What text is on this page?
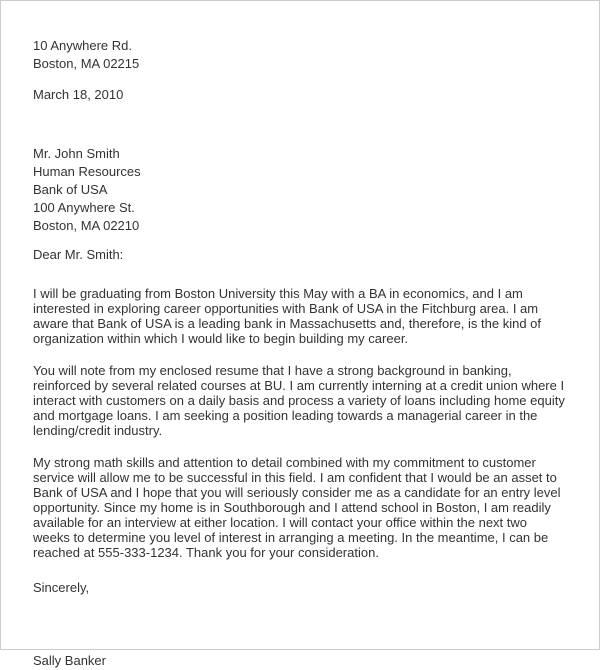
10 Anywhere Rd.
Boston, MA 02215
March 18, 2010
Mr. John Smith
Human Resources
Bank of USA
100 Anywhere St.
Boston, MA 02210
Dear Mr. Smith:

I will be graduating from Boston University this May with a BA in economics, and I am interested in exploring career opportunities with Bank of USA in the Fitchburg area. I am aware that Bank of USA is a leading bank in Massachusetts and, therefore, is the kind of organization within which I would like to begin building my career.

You will note from my enclosed resume that I have a strong background in banking, reinforced by several related courses at BU. I am currently interning at a credit union where I interact with customers on a daily basis and process a variety of loans including home equity and mortgage loans. I am seeking a position leading towards a managerial career in the lending/credit industry.

My strong math skills and attention to detail combined with my commitment to customer service will allow me to be successful in this field. I am confident that I would be an asset to Bank of USA and I hope that you will seriously consider me as a candidate for an entry level opportunity. Since my home is in Southborough and I attend school in Boston, I am readily available for an interview at either location. I will contact your office within the next two weeks to determine you level of interest in arranging a meeting. In the meantime, I can be reached at 555-333-1234. Thank you for your consideration.

Sincerely,
Sally Banker
